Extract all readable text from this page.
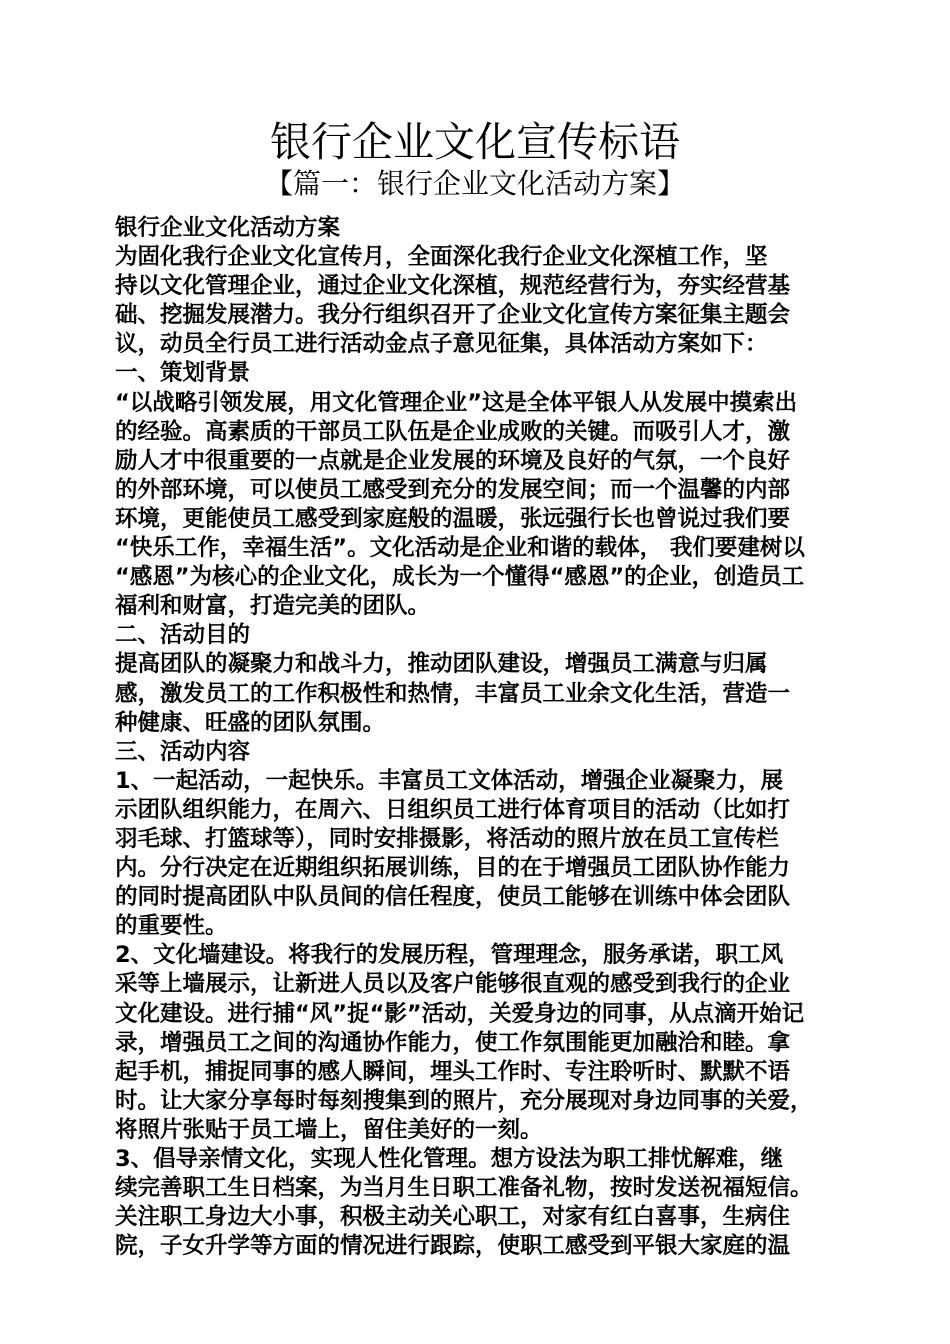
银行企业文化宣传标语
【篇一：银行企业文化活动方案】
银行企业文化活动方案
为固化我行企业文化宣传月，全面深化我行企业文化深植工作，坚
持以文化管理企业，通过企业文化深植，规范经营行为，夯实经营基
础、挖掘发展潜力。我分行组织召开了企业文化宣传方案征集主题会
议，动员全行员工进行活动金点子意见征集，具体活动方案如下：
一、策划背景
“以战略引领发展，用文化管理企业”这是全体平银人从发展中摸索出
的经验。高素质的干部员工队伍是企业成败的关键。而吸引人才，激
励人才中很重要的一点就是企业发展的环境及良好的气氛，一个良好
的外部环境，可以使员工感受到充分的发展空间；而一个温馨的内部
环境，更能使员工感受到家庭般的温暖，张远强行长也曾说过我们要
“快乐工作，幸福生活”。文化活动是企业和谐的载体， 我们要建树以
“感恩”为核心的企业文化，成长为一个懂得“感恩”的企业，创造员工
福利和财富，打造完美的团队。
二、活动目的
提高团队的凝聚力和战斗力，推动团队建设，增强员工满意与归属
感，激发员工的工作积极性和热情，丰富员工业余文化生活，营造一
种健康、旺盛的团队氛围。
三、活动内容
1、一起活动，一起快乐。丰富员工文体活动，增强企业凝聚力，展
示团队组织能力，在周六、日组织员工进行体育项目的活动（比如打
羽毛球、打篮球等），同时安排摄影，将活动的照片放在员工宣传栏
内。分行决定在近期组织拓展训练，目的在于增强员工团队协作能力
的同时提高团队中队员间的信任程度，使员工能够在训练中体会团队
的重要性。
2、文化墙建设。将我行的发展历程，管理理念，服务承诺，职工风
采等上墙展示，让新进人员以及客户能够很直观的感受到我行的企业
文化建设。进行捕“风”捉“影”活动，关爱身边的同事，从点滴开始记
录，增强员工之间的沟通协作能力，使工作氛围能更加融洽和睦。拿
起手机，捕捉同事的感人瞬间，埋头工作时、专注聆听时、默默不语
时。让大家分享每时每刻搜集到的照片，充分展现对身边同事的关爱，
将照片张贴于员工墙上，留住美好的一刻。
3、倡导亲情文化，实现人性化管理。想方设法为职工排忧解难，继
续完善职工生日档案，为当月生日职工准备礼物，按时发送祝福短信。
关注职工身边大小事，积极主动关心职工，对家有红白喜事，生病住
院，子女升学等方面的情况进行跟踪，使职工感受到平银大家庭的温
